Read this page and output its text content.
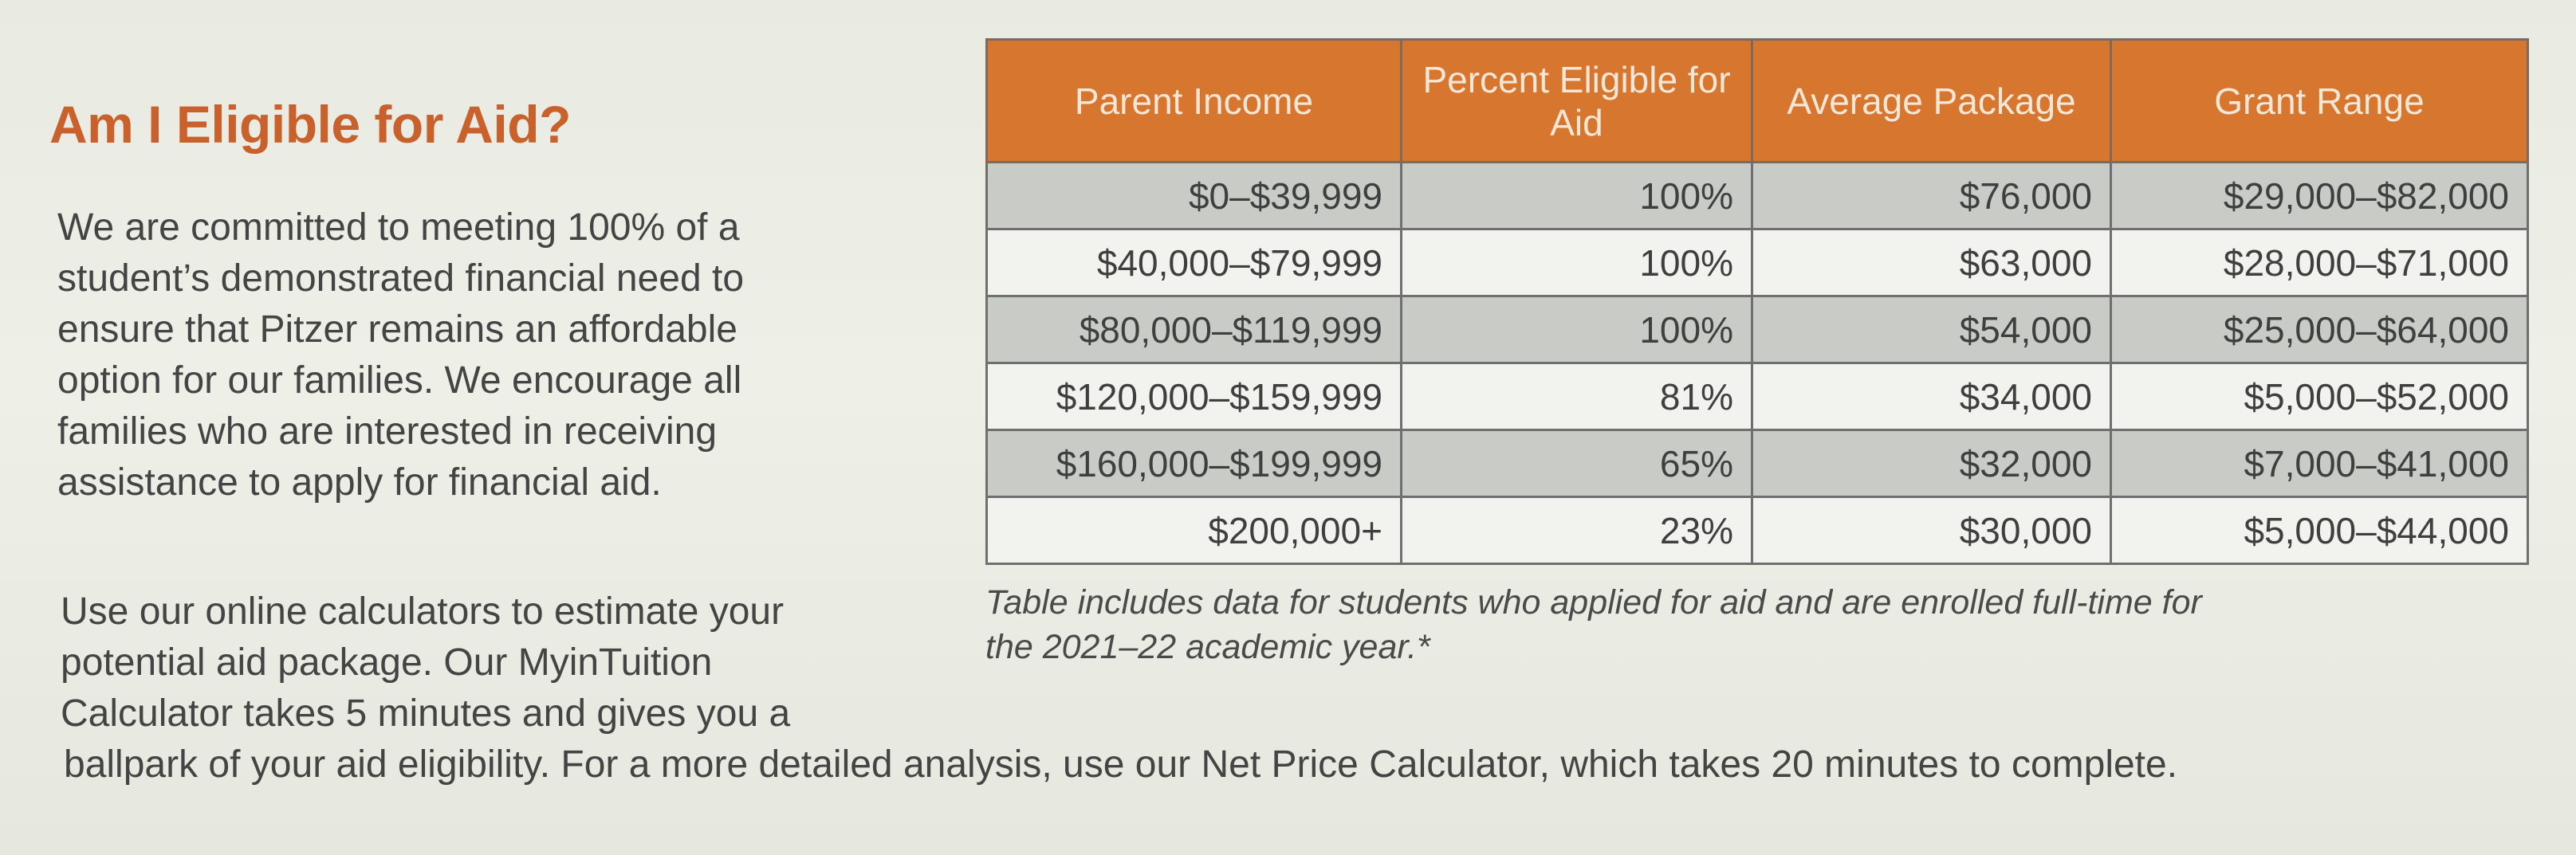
Am I Eligible for Aid?

We are committed to meeting 100% of a
student’s demonstrated financial need to
ensure that Pitzer remains an affordable
option for our families. We encourage all
families who are interested in receiving
assistance to apply for financial aid.

Parent Income	Percent Eligible for Aid	Average Package	Grant Range
$0–$39,999	100%	$76,000	$29,000–$82,000
$40,000–$79,999	100%	$63,000	$28,000–$71,000
$80,000–$119,999	100%	$54,000	$25,000–$64,000
$120,000–$159,999	81%	$34,000	$5,000–$52,000
$160,000–$199,999	65%	$32,000	$7,000–$41,000
$200,000+	23%	$30,000	$5,000–$44,000

Table includes data for students who applied for aid and are enrolled full-time for
the 2021–22 academic year.*

Use our online calculators to estimate your
potential aid package. Our MyinTuition
Calculator takes 5 minutes and gives you a
ballpark of your aid eligibility. For a more detailed analysis, use our Net Price Calculator, which takes 20 minutes to complete.
